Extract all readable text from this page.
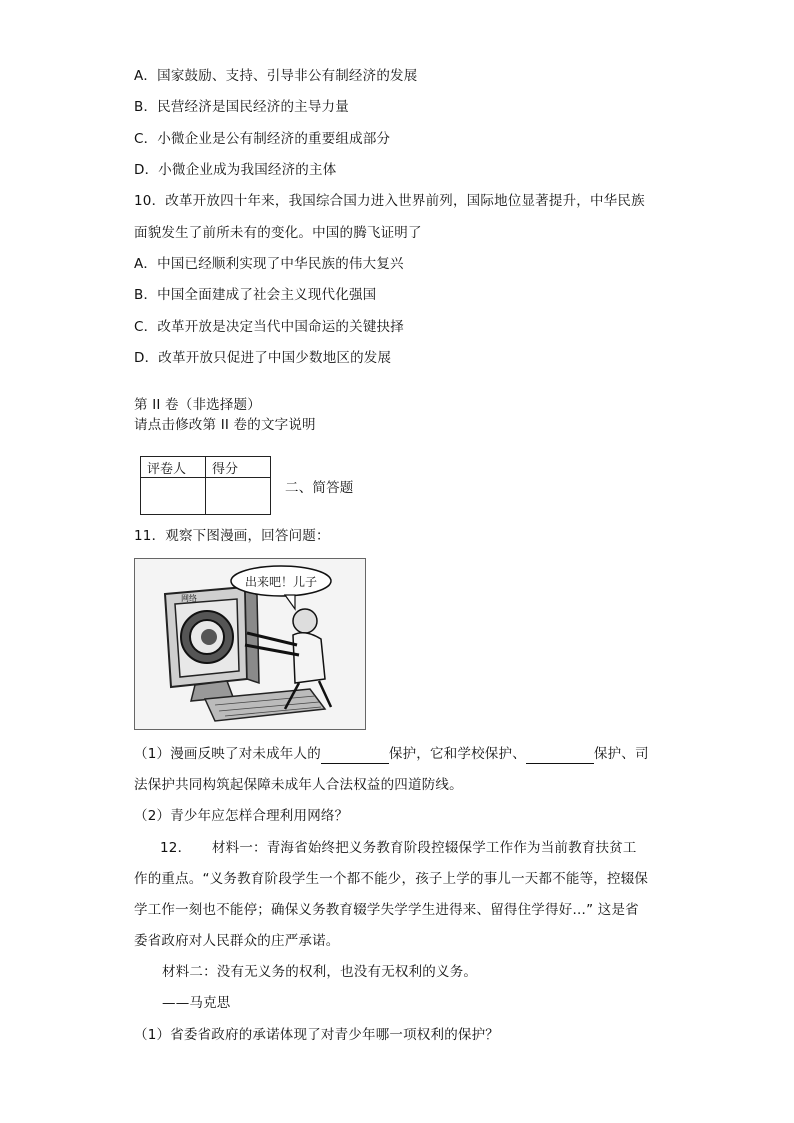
A．国家鼓励、支持、引导非公有制经济的发展
B．民营经济是国民经济的主导力量
C．小微企业是公有制经济的重要组成部分
D．小微企业成为我国经济的主体
10．改革开放四十年来，我国综合国力进入世界前列，国际地位显著提升，中华民族
面貌发生了前所未有的变化。中国的腾飞证明了
A．中国已经顺利实现了中华民族的伟大复兴
B．中国全面建成了社会主义现代化强国
C．改革开放是决定当代中国命运的关键抉择
D．改革开放只促进了中国少数地区的发展
第 II 卷（非选择题）
请点击修改第 II 卷的文字说明
评卷人	得分

二、简答题
11．观察下图漫画，回答问题：
出来吧！儿子
网络
（1）漫画反映了对未成年人的	保护，它和学校保护、	保护、司
法保护共同构筑起保障未成年人合法权益的四道防线。
（2）青少年应怎样合理利用网络？
12．　　材料一：青海省始终把义务教育阶段控辍保学工作作为当前教育扶贫工
作的重点。“义务教育阶段学生一个都不能少，孩子上学的事儿一天都不能等，控辍保
学工作一刻也不能停；确保义务教育辍学失学学生进得来、留得住学得好…” 这是省
委省政府对人民群众的庄严承诺。
材料二：没有无义务的权利，也没有无权利的义务。
——马克思
（1）省委省政府的承诺体现了对青少年哪一项权利的保护？
